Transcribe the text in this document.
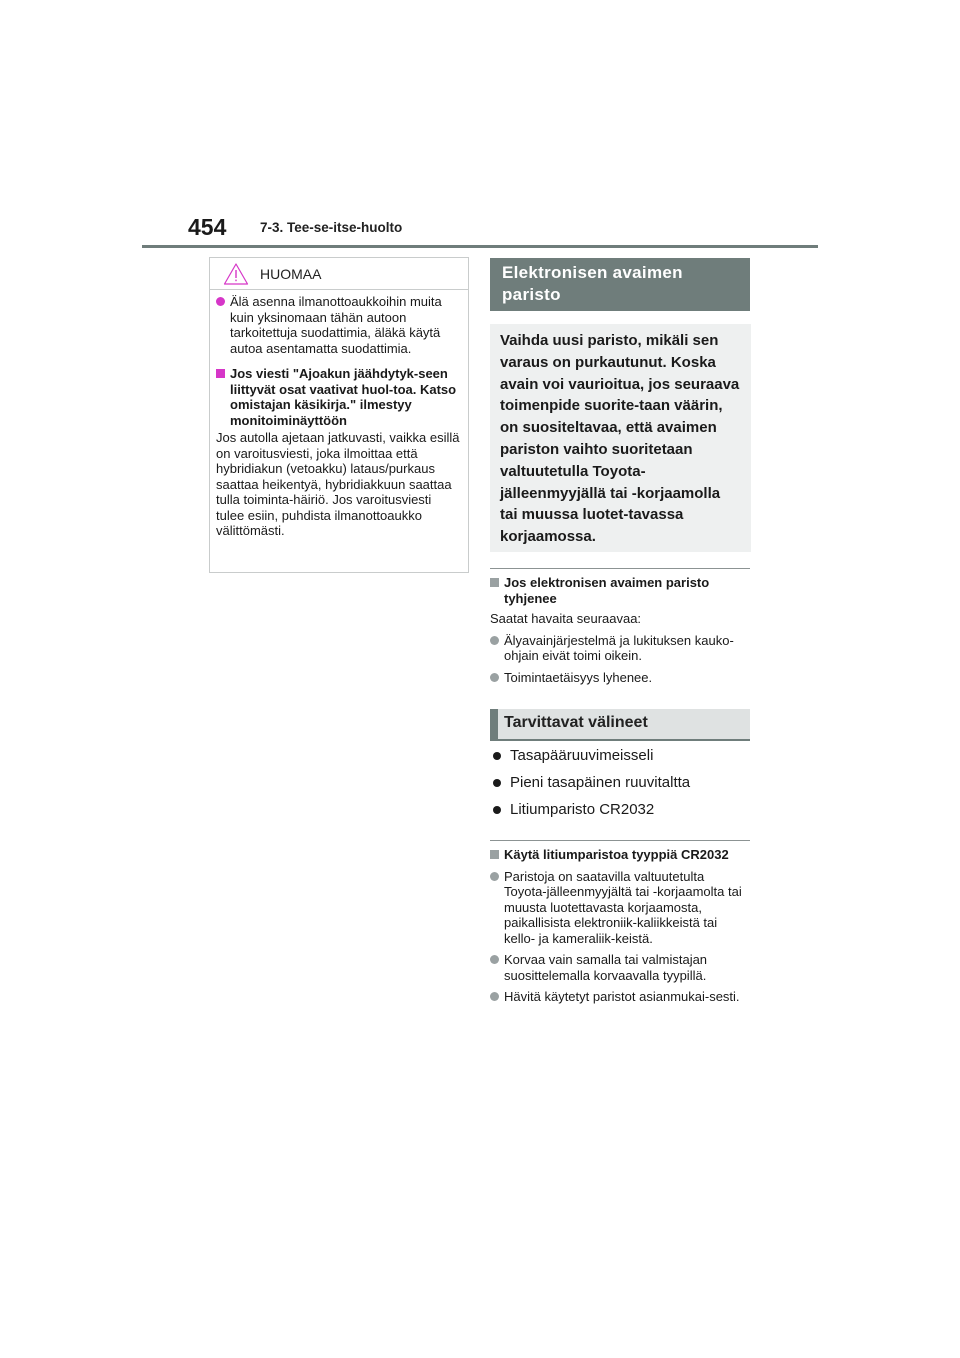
454 7-3. Tee-se-itse-huolto
HUOMAA
Älä asenna ilmanottoaukkoihin muita kuin yksinomaan tähän autoon tarkoitettuja suodattimia, äläkä käytä autoa asentamatta suodattimia.
Jos viesti "Ajoakun jäähdytyk-seen liittyvät osat vaativat huol-toa. Katso omistajan käsikirja." ilmestyy monitoiminäyttöön
Jos autolla ajetaan jatkuvasti, vaikka esillä on varoitusviesti, joka ilmoittaa että hybridiakun (vetoakku) lataus/purkaus saattaa heikentyä, hybridiakkuun saattaa tulla toiminta-häiriö. Jos varoitusviesti tulee esiin, puhdista ilmanottoaukko välittömästi.
Elektronisen avaimen paristo
Vaihda uusi paristo, mikäli sen varaus on purkautunut. Koska avain voi vaurioitua, jos seuraava toimenpide suorite-taan väärin, on suositeltavaa, että avaimen pariston vaihto suoritetaan valtuutetulla Toyota-jälleenmyyjällä tai -korjaamolla tai muussa luotet-tavassa korjaamossa.
Jos elektronisen avaimen paristo tyhjenee
Saatat havaita seuraavaa:
Älyavainjärjestelmä ja lukituksen kauko-ohjain eivät toimi oikein.
Toimintaetäisyys lyhenee.
Tarvittavat välineet
Tasapääruuvimeisseli
Pieni tasapäinen ruuvitaltta
Litiumparisto CR2032
Käytä litiumparistoa tyyppiä CR2032
Paristoja on saatavilla valtuutetulta Toyota-jälleenmyyjältä tai -korjaamolta tai muusta luotettavasta korjaamosta, paikallisista elektroniik-kaliikkeistä tai kello- ja kameraliik-keistä.
Korvaa vain samalla tai valmistajan suosittelemalla korvaavalla tyypillä.
Hävitä käytetyt paristot asianmukai-sesti.
